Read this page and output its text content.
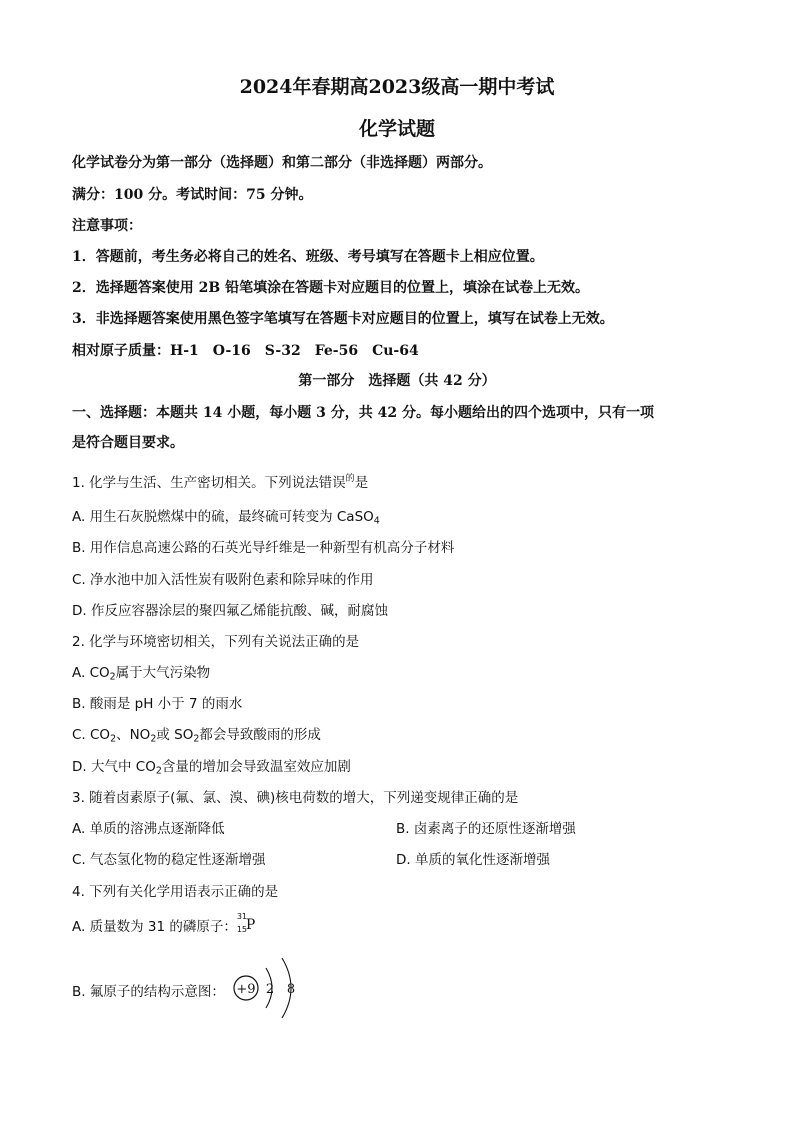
2024年春期高2023级高一期中考试
化学试题
化学试卷分为第一部分（选择题）和第二部分（非选择题）两部分。
满分：100 分。考试时间：75 分钟。
注意事项：
1．答题前，考生务必将自己的姓名、班级、考号填写在答题卡上相应位置。
2．选择题答案使用 2B 铅笔填涂在答题卡对应题目的位置上，填涂在试卷上无效。
3．非选择题答案使用黑色签字笔填写在答题卡对应题目的位置上，填写在试卷上无效。
相对原子质量：H-1　O-16　S-32　Fe-56　Cu-64
第一部分　选择题（共 42 分）
一、选择题：本题共 14 小题，每小题 3 分，共 42 分。每小题给出的四个选项中，只有一项
是符合题目要求。
1. 化学与生活、生产密切相关。下列说法错误$^的$是
A. 用生石灰脱燃煤中的硫，最终硫可转变为 CaSO$_4$
B. 用作信息高速公路的石英光导纤维是一种新型有机高分子材料
C. 净水池中加入活性炭有吸附色素和除异味的作用
D. 作反应容器涂层的聚四氟乙烯能抗酸、碱，耐腐蚀
2. 化学与环境密切相关，下列有关说法正确的是
A. $CO_2$属于大气污染物
B. 酸雨是 pH 小于 7 的雨水
C. $CO_2$、$NO_2$或 $SO_2$都会导致酸雨的形成
D. 大气中 $CO_2$含量的增加会导致温室效应加剧
3. 随着卤素原子(氟、氯、溴、碘)核电荷数的增大，下列递变规律正确的是
A. 单质的溶沸点逐渐降低	B. 卤素离子的还原性逐渐增强
C. 气态氢化物的稳定性逐渐增强	D. 单质的氧化性逐渐增强
4. 下列有关化学用语表示正确的是
A. 质量数为 31 的磷原子：
31
15
P
B. 氟原子的结构示意图： +9 2 8
